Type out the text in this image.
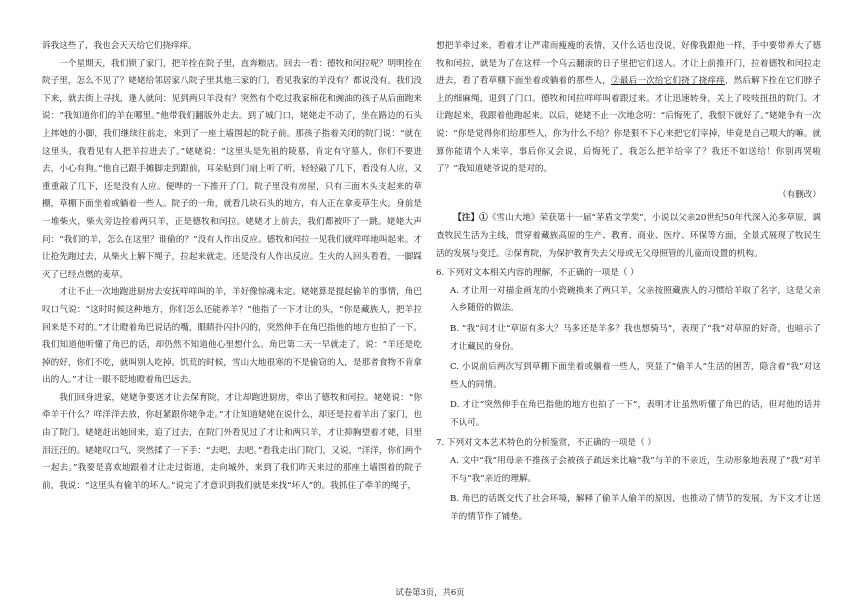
诉我这些了，我也会天天给它们挠痒痒。

一个星期天，我们锁了家门，把羊拴在院子里，直奔粮店。回去一看：德牧和闰拉呢？明明拴在院子里，怎么不见了？姥姥给邻居家八院子里其他三家的门，看见我家的羊没有？都说没有。我们没下来，就去街上寻找，逢人就问：见到两只羊没有？突然有个吃过我家棉花和豌油的孩子从后面跑来说：“我知道你们的羊在哪里。”他带我们翻版外走去。到了城门口，姥姥走不动了，坐在路边的石头上摔她的小脚，我们继续往前走，来到了一座土墙围起的院子前。那孩子指着关闭的院门说：“就在这里头，我看见有人把羊拉进去了。”姥姥说：“这里头是先祖的陵墓，肯定有守墓人，你们不要进去，小心有狗。”他自己跟手摊脚走到跟前，耳朵贴到门扇上听了听，轻轻敲了几下，看没有人应，又重重敲了几下，还是没有人应。便哗的一下推开了门。院子里没有房屋，只有三面木头支起来的草棚，草棚下面坐着或躺着一些人。院子的一角，就看几块石头的地方，有人正在拿麦草生火，身前是一堆柴火，柴火旁边拴着两只羊，正是德牧和闰拉。姥姥才上前去，我们都被吓了一跳。姥姥大声问：“我们的羊，怎么在这里？谁偷的？”没有人作出反应。德牧和闰拉一见我们就咩咩地叫起来。才让抢先跑过去，从柴火上解下绳子，拉起来就走。还是没有人作出反应。生火的人回头看看，一脚踩灭了已经点燃的麦草。

才让不止一次地跑进厨房去安抚咩咩叫的羊，羊好像惊魂未定。姥姥算是提起偷羊的事情，角巴叹口气说：“这时时候这种地方，你们怎么还能养羊？”他指了一下才让的头，“你是藏族人，把羊拉回来是不对的。”才让瞪着角巴说话的嘴，眼睛扑闪扑闪的，突然伸手在角巴指他的地方也拍了一下。我们知道他听懂了角巴的话，却仍然不知道他心里想什么。角巴第二天一早就走了，说：“羊还是吃掉的好，你们不吃，就叫别人吃掉。饥荒的时候，雪山大地很寒的不是偷窃的人，是那者食物不肯拿出的人。”才让一眼不眨地瞪着角巴远去。

我们回身进家，姥姥争要送才让去保育院，才让却跑进厨房，牵出了德牧和闰拉。姥姥说：“你牵羊干什么？咩洋洋去放，你赶紧跟你姥争走。”才让知道姥姥在说什么，却还是拉着羊出了家门，也由了院门。姥姥赶出她回来，追了过去，在院门外看见过了才让和两只羊，才让抑胸望着才姥，目里泪汪汪的。姥姥叹口气，突然揉了一下手：“去吧，去吧。”看我走出门院门，又说，“洋洋，你们两个一起去。”我要是喜欢地跟着才让走过街道，走向城外，来到了我们昨天来过的那座土墙围着的院子前，我说：“这里头有偷羊的坏人。”说完了才意识到我们就是来找“坏人”的。我抓住了牵羊的绳子，

想把羊牵过来，看着才让严肃而瘦瘦的表情，又什么话也没说，好像我跟他一样，手中要带养大了德牧和闰拉，就是为了在这样一个乌云翻滚的日子里把它们送人。才让上前推开门，拉着德牧和闰拉走进去，看了看草棚下面坐着或躺着的那些人，②最后一次给它们挠了挠痒痒，然后解下拴在它们脖子上的细麻绳，退到了门口。德牧和闰拉咩咩叫着跟过来。才让迅速转身，关上了吱吱扭扭的院门。才让跑起来，我跟着他跑起来。以后，姥姥不止一次地念叨：“后悔死了，我恨下就好了。”姥姥争有一次说：“你是觉得你们给那些人，你为什么不给？你是狠不下心来把它们宰掉，毕竟是自己喂大的嘛。就算你能请个人来宰，事后你又会说，后悔死了，我怎么把羊给宰了？我还不如送给！你别再哭啦了？”我知道姥爷说的是对的。

（有删改）

【注】①《雪山大地》荣获第十一届“茅盾文学奖”，小说以父亲20世纪50年代深入沁多草原，调查牧民生活为主线，贯穿着藏族高原的生产、教育、商业、医疗、环保等方面，全景式展现了牧民生活的发展与变迁。②保育院，为保护教育失去父母或无父母照管的儿童而设置的机构。

6. 下列对文本相关内容的理解，不正确的一项是（ ）

A. 才让用一对描金画龙的小瓷碗换来了两只羊，父亲按照藏族人的习惯给羊取了名字，这是父亲入乡随俗的做法。

B. “我”问才让“草原有多大？马多还是羊多？我也想骑马”，表现了“我”对草原的好奇，也暗示了才让藏民的身份。

C. 小说前后两次写到草棚下面坐着或躺着一些人，突显了“偷羊人”生活的困苦，隐含着“我”对这些人的同情。

D. 才让“突然伸手在角巴指他的地方也拍了一下”，表明才让虽然听懂了角巴的话，但对他的话并不认可。

7. 下列对文本艺术特色的分析鉴赏，不正确的一项是（ ）

A. 文中“我”用母亲不推孩子会被孩子疏远来比喻“我”与羊的不亲近，生动形象地表现了“我”对羊不与“我”亲近的理解。

B. 角巴的话既交代了社会环境，解释了偷羊人偷羊的原因，也推动了情节的发展，为下文才让送羊的情节作了铺垫。

试卷第3页，共6页
